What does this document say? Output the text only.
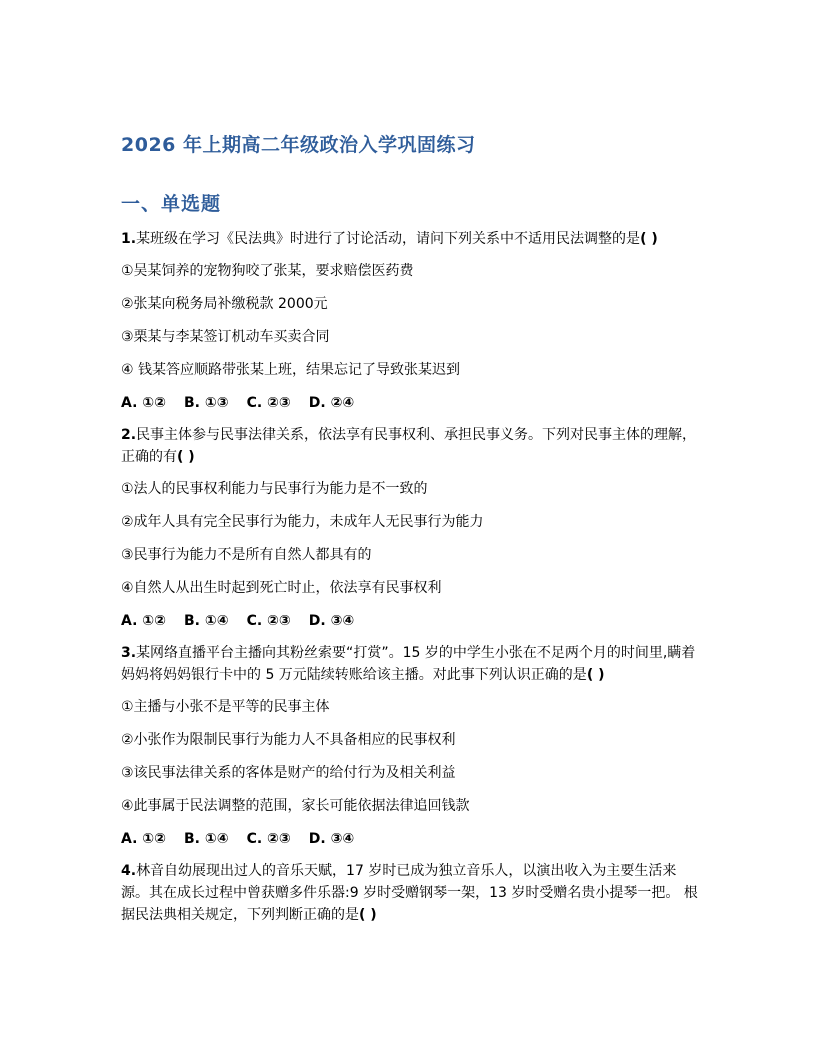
2026 年上期高二年级政治入学巩固练习
一、单选题

1.某班级在学习《民法典》时进行了讨论活动，请问下列关系中不适用民法调整的是( )

①吴某饲养的宠物狗咬了张某，要求赔偿医药费

②张某向税务局补缴税款 2000元

③栗某与李某签订机动车买卖合同

④ 钱某答应顺路带张某上班，结果忘记了导致张某迟到

A. ①② B. ①③ C. ②③ D. ②④

2.民事主体参与民事法律关系，依法享有民事权利、承担民事义务。下列对民事主体的理解， 正确的有( )

①法人的民事权利能力与民事行为能力是不一致的

②成年人具有完全民事行为能力，未成年人无民事行为能力

③民事行为能力不是所有自然人都具有的

④自然人从出生时起到死亡时止，依法享有民事权利

A. ①② B. ①④ C. ②③ D. ③④

3.某网络直播平台主播向其粉丝索要“打赏”。15 岁的中学生小张在不足两个月的时间里,瞒着妈妈将妈妈银行卡中的 5 万元陆续转账给该主播。对此事下列认识正确的是( )

①主播与小张不是平等的民事主体

②小张作为限制民事行为能力人不具备相应的民事权利

③该民事法律关系的客体是财产的给付行为及相关利益

④此事属于民法调整的范围，家长可能依据法律追回钱款

A. ①② B. ①④ C. ②③ D. ③④

4.林音自幼展现出过人的音乐天赋，17 岁时已成为独立音乐人，以演出收入为主要生活来源。其在成长过程中曾获赠多件乐器:9 岁时受赠钢琴一架，13 岁时受赠名贵小提琴一把。 根据民法典相关规定，下列判断正确的是( )
